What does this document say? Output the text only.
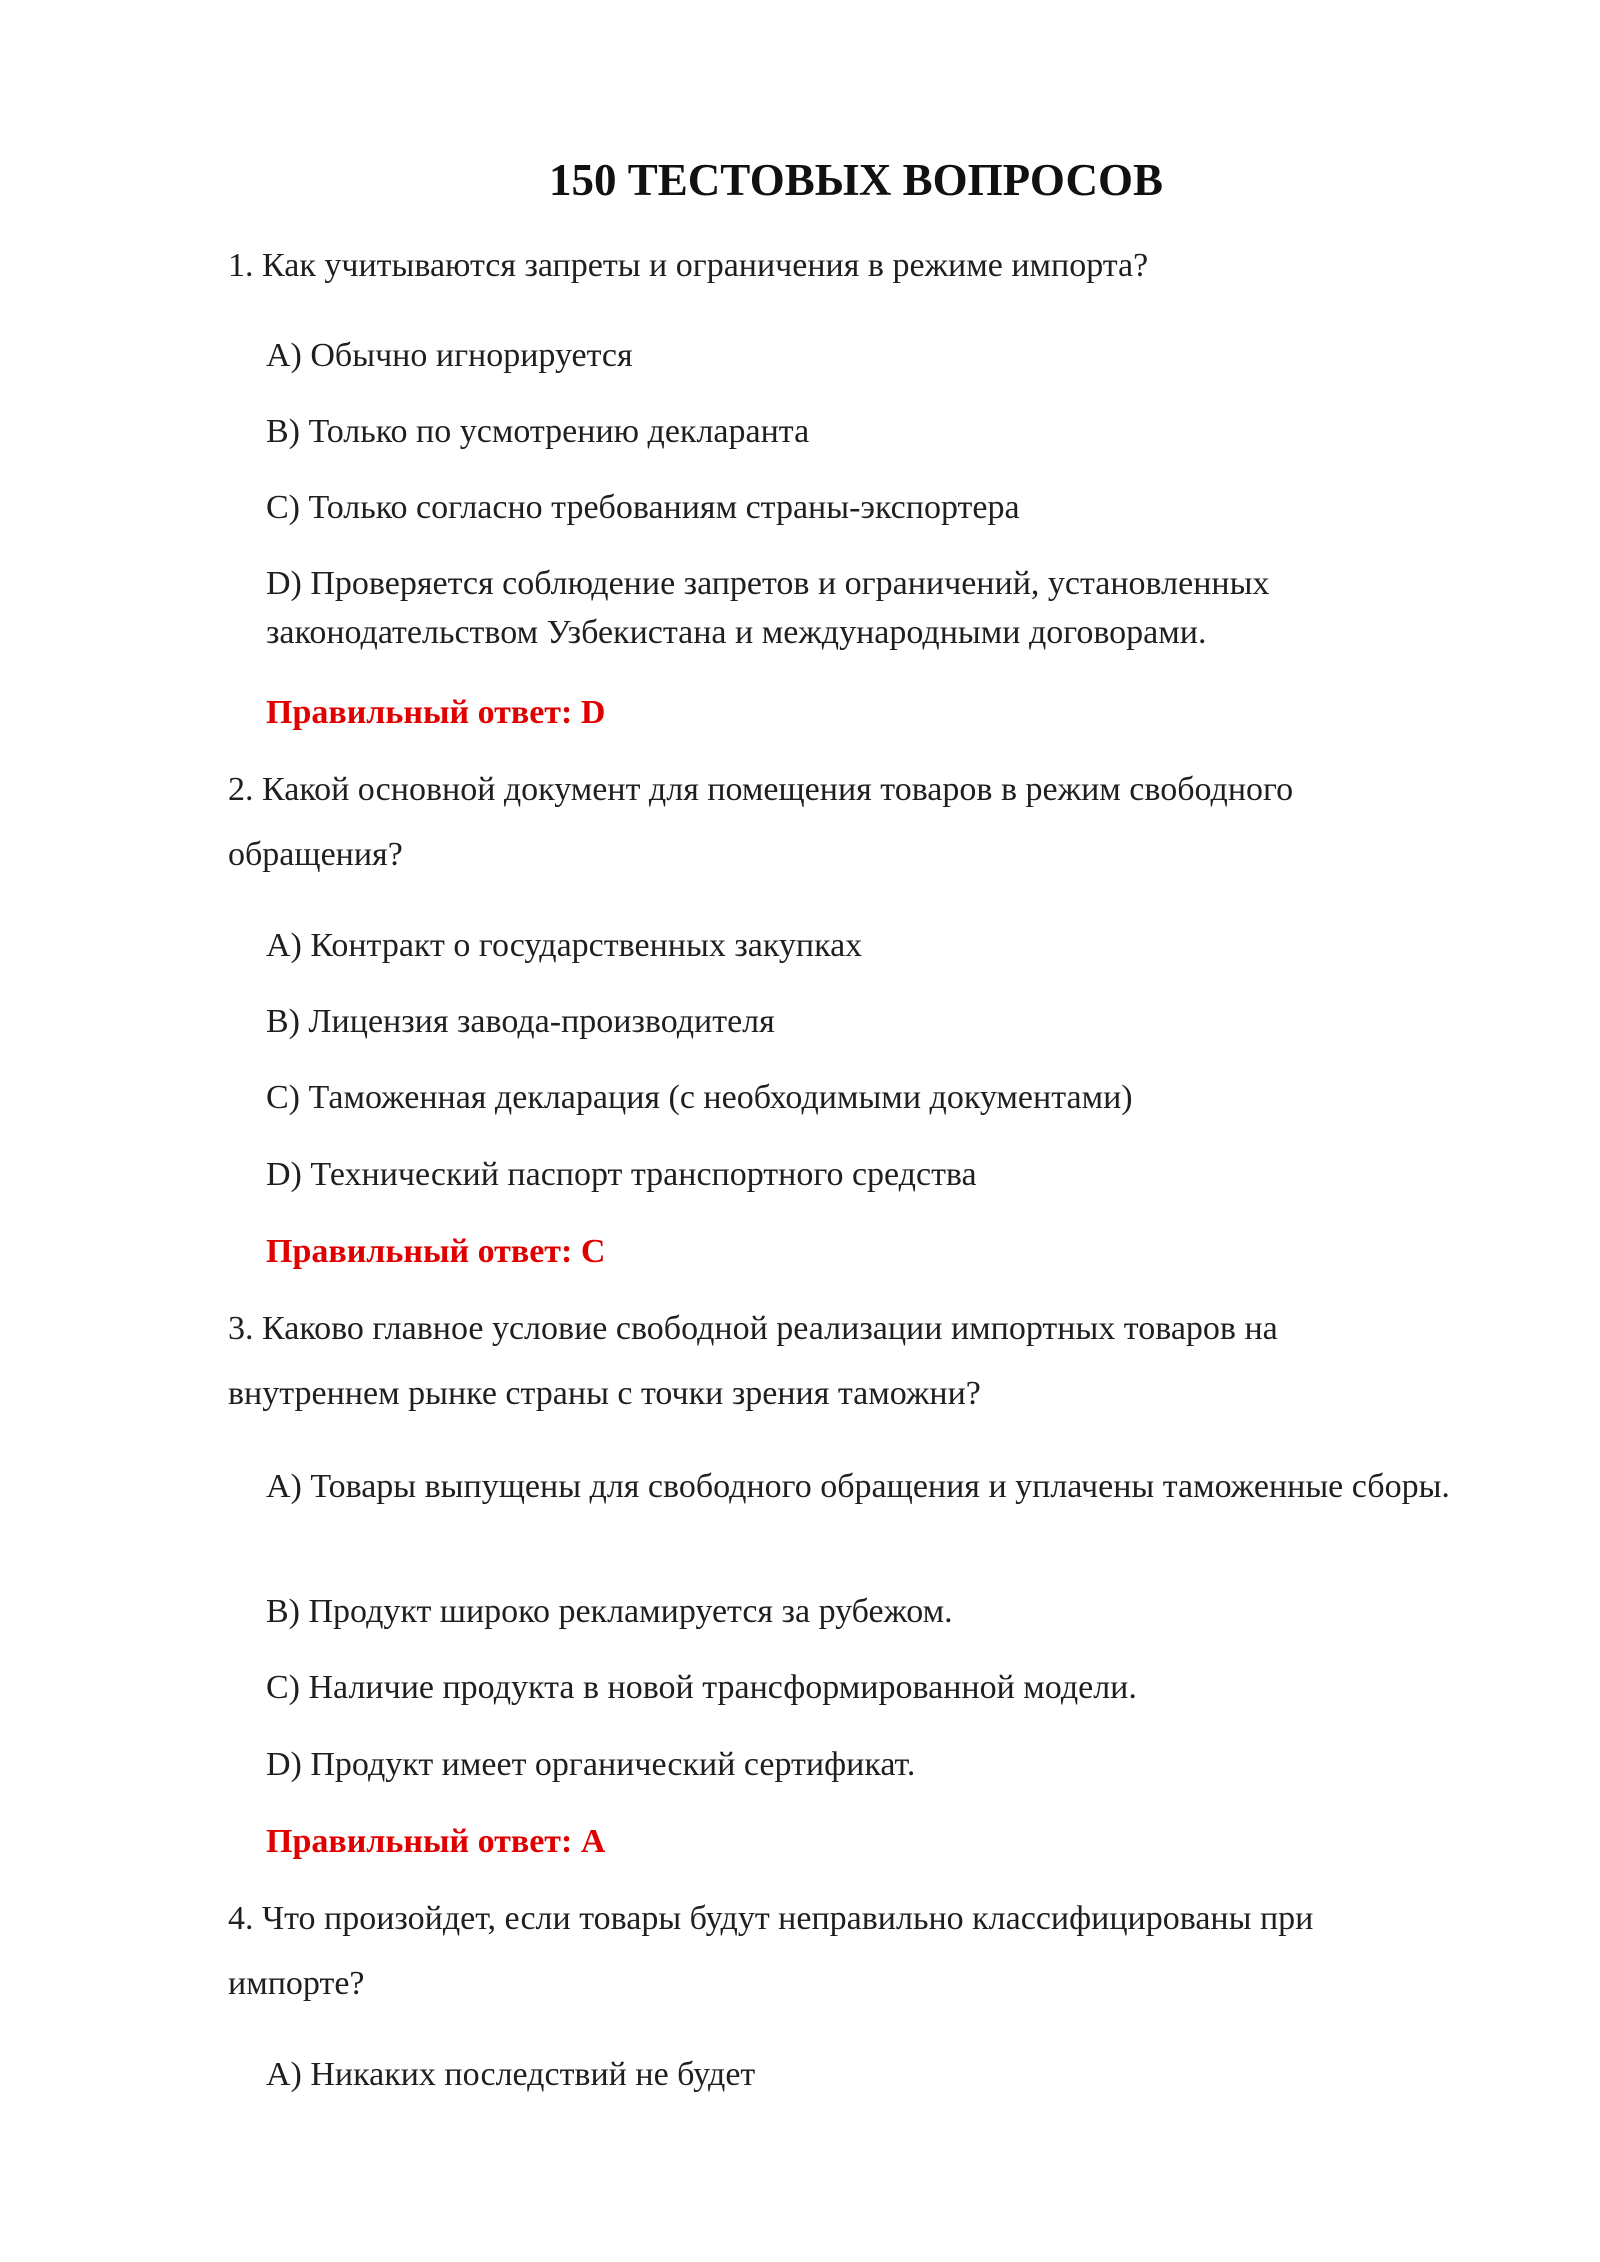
150 ТЕСТОВЫХ ВОПРОСОВ
1. Как учитываются запреты и ограничения в режиме импорта?
A) Обычно игнорируется
B) Только по усмотрению декларанта
C) Только согласно требованиям страны-экспортера
D) Проверяется соблюдение запретов и ограничений, установленных законодательством Узбекистана и международными договорами.
Правильный ответ: D
2. Какой основной документ для помещения товаров в режим свободного
обращения?
A) Контракт о государственных закупках
B) Лицензия завода-производителя
C) Таможенная декларация (с необходимыми документами)
D) Технический паспорт транспортного средства
Правильный ответ: C
3. Каково главное условие свободной реализации импортных товаров на
внутреннем рынке страны с точки зрения таможни?
A) Товары выпущены для свободного обращения и уплачены таможенные сборы.
B) Продукт широко рекламируется за рубежом.
C) Наличие продукта в новой трансформированной модели.
D) Продукт имеет органический сертификат.
Правильный ответ: A
4. Что произойдет, если товары будут неправильно классифицированы при
импорте?
A) Никаких последствий не будет
